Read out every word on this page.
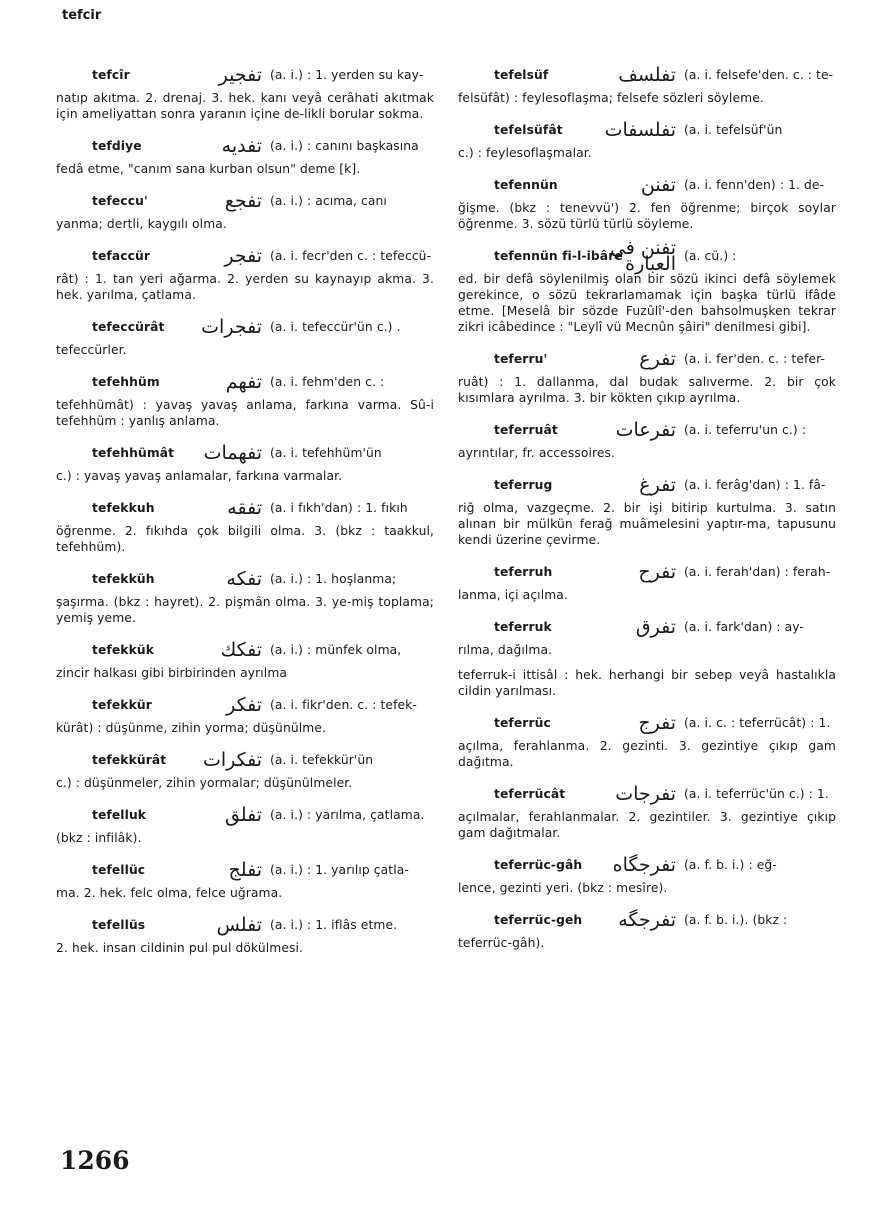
tefcir
tefcîr	تفجير (a. i.) : 1. yerden su kay-

natıp akıtma. 2. drenaj. 3. hek. kanı veyâ cerâhati akıtmak için ameliyattan sonra yaranın içine de-likli borular sokma.

tefdiye	تفديه (a. i.) : canını başkasına

fedâ etme, "canım sana kurban olsun" deme [k].

tefeccu'	تفجع (a. i.) : acıma, canı

yanma; dertli, kaygılı olma.

tefaccür	تفجر (a. i. fecr'den c. : tefeccü-

rât) : 1. tan yeri ağarma. 2. yerden su kaynayıp akma. 3. hek. yarılma, çatlama.

tefeccürât	تفجرات (a. i. tefeccür'ün c.) .

tefeccürler.

tefehhüm	تفهم (a. i. fehm'den c. :

tefehhümât) : yavaş yavaş anlama, farkına varma. Sû-i tefehhüm : yanlış anlama.

tefehhümât	تفهمات (a. i. tefehhüm'ün

c.) : yavaş yavaş anlamalar, farkına varmalar.

tefekkuh	تفقه (a. i fıkh'dan) : 1. fıkıh

öğrenme. 2. fıkıhda çok bilgili olma. 3. (bkz : taakkul, tefehhüm).

tefekküh	تفكه (a. i.) : 1. hoşlanma;

şaşırma. (bkz : hayret). 2. pişmân olma. 3. ye-miş toplama; yemiş yeme.

tefekkük	تفكك (a. i.) : münfek olma,

zincir halkası gibi birbirinden ayrılma

tefekkür	تفكر (a. i. fikr'den. c. : tefek-

kürât) : düşünme, zihin yorma; düşünülme.

tefekkürât	تفكرات (a. i. tefekkür'ün

c.) : düşünmeler, zihin yormalar; düşünülmeler.

tefelluk	تفلق (a. i.) : yarılma, çatlama.

(bkz : infilâk).

tefellüc	تفلج (a. i.) : 1. yarılıp çatla-

ma. 2. hek. felc olma, felce uğrama.

tefellüs	تفلس (a. i.) : 1. iflâs etme.

2. hek. insan cildinin pul pul dökülmesi.

tefelsüf	تفلسف (a. i. felsefe'den. c. : te-

felsüfât) : feylesoflaşma; felsefe sözleri söyleme.

tefelsüfât	تفلسفات (a. i. tefelsüf'ün

c.) : feylesoflaşmalar.

tefennün	تفنن (a. i. fenn'den) : 1. de-

ğişme. (bkz : tenevvü') 2. fen öğrenme; birçok soylar öğrenme. 3. sözü türlü türlü söyleme.

tefennün fi-l-ibâre
تفنن في العبارة (a. cü.) :

ed. bir defâ söylenilmiş olan bir sözü ikinci defâ söylemek gerekince, o sözü tekrarlamamak için başka türlü ifâde etme. [Meselâ bir sözde Fuzûlî'-den bahsolmuşken tekrar zikri icâbedince : "Leylî vü Mecnûn şâiri" denilmesi gibi].

teferru'	تفرع (a. i. fer'den. c. : tefer-

ruât) : 1. dallanma, dal budak salıverme. 2. bir çok kısımlara ayrılma. 3. bir kökten çıkıp ayrılma.

teferruât	تفرعات (a. i. teferru'un c.) :

ayrıntılar, fr. accessoires.

teferrug	تفرغ (a. i. ferâg'dan) : 1. fâ-

riğ olma, vazgeçme. 2. bir işi bitirip kurtulma. 3. satın alınan bir mülkün ferağ muâmelesini yaptır-ma, tapusunu kendi üzerine çevirme.

teferruh	تفرح (a. i. ferah'dan) : ferah-

lanma, içi açılma.

teferruk	تفرق (a. i. fark'dan) : ay-

rılma, dağılma.

teferruk-i ittisâl : hek. herhangi bir sebep veyâ hastalıkla cildin yarılması.

teferrüc	تفرج (a. i. c. : teferrücât) : 1.

açılma, ferahlanma. 2. gezinti. 3. gezintiye çıkıp gam dağıtma.

teferrücât	تفرجات (a. i. teferrüc'ün c.) : 1.

açılmalar, ferahlanmalar. 2. gezintiler. 3. gezintiye çıkıp gam dağıtmalar.

teferrüc-gâh	تفرجگاه (a. f. b. i.) : eğ-

lence, gezinti yeri. (bkz : mesîre).

teferrüc-geh	تفرجگه (a. f. b. i.). (bkz :

teferrüc-gâh).

1266
